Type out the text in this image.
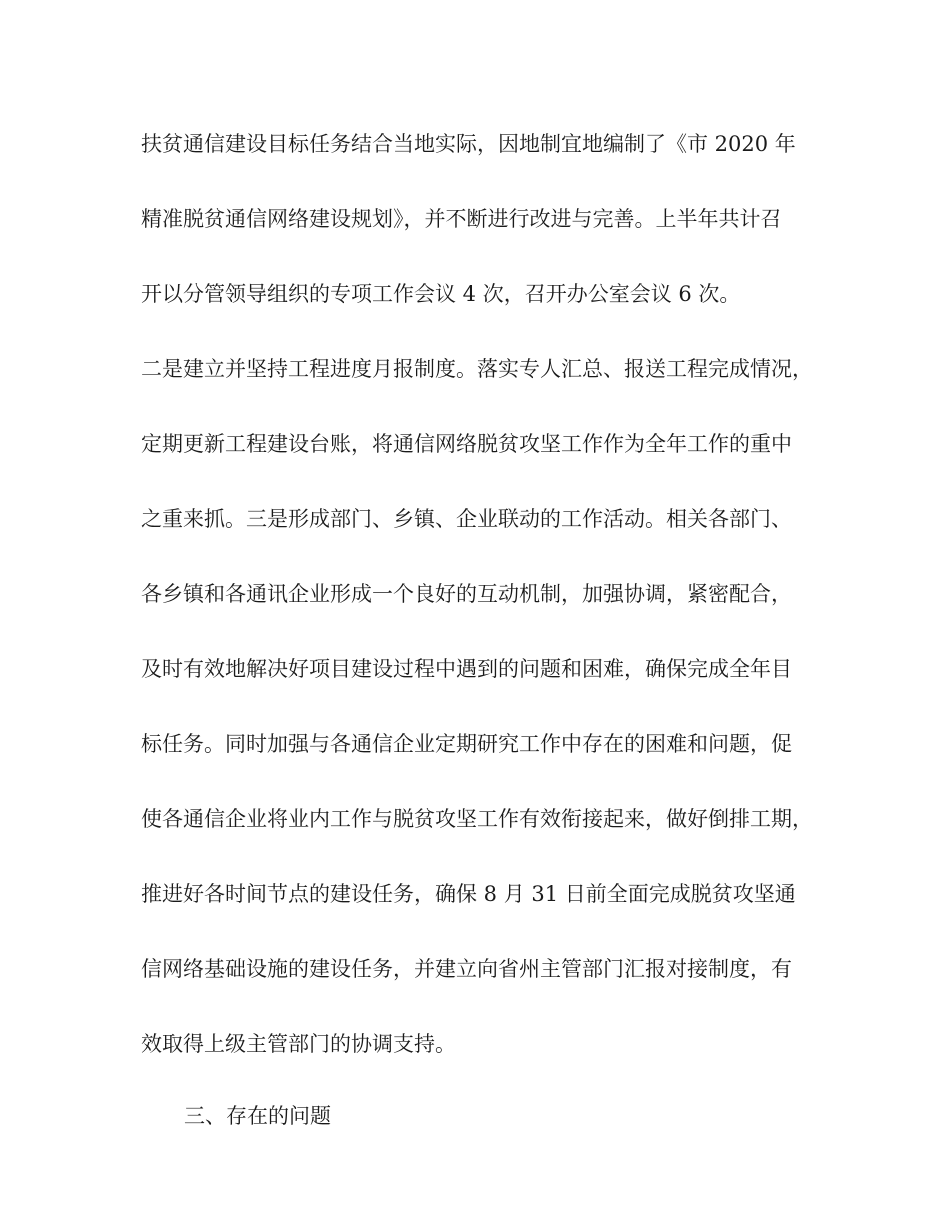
扶贫通信建设目标任务结合当地实际，因地制宜地编制了《市 2020 年
精准脱贫通信网络建设规划》，并不断进行改进与完善。上半年共计召
开以分管领导组织的专项工作会议 4 次，召开办公室会议 6 次。
二是建立并坚持工程进度月报制度。落实专人汇总、报送工程完成情况，
定期更新工程建设台账，将通信网络脱贫攻坚工作作为全年工作的重中
之重来抓。三是形成部门、乡镇、企业联动的工作活动。相关各部门、
各乡镇和各通讯企业形成一个良好的互动机制，加强协调，紧密配合，
及时有效地解决好项目建设过程中遇到的问题和困难，确保完成全年目
标任务。同时加强与各通信企业定期研究工作中存在的困难和问题，促
使各通信企业将业内工作与脱贫攻坚工作有效衔接起来，做好倒排工期，
推进好各时间节点的建设任务，确保 8 月 31 日前全面完成脱贫攻坚通
信网络基础设施的建设任务，并建立向省州主管部门汇报对接制度，有
效取得上级主管部门的协调支持。
三、存在的问题
